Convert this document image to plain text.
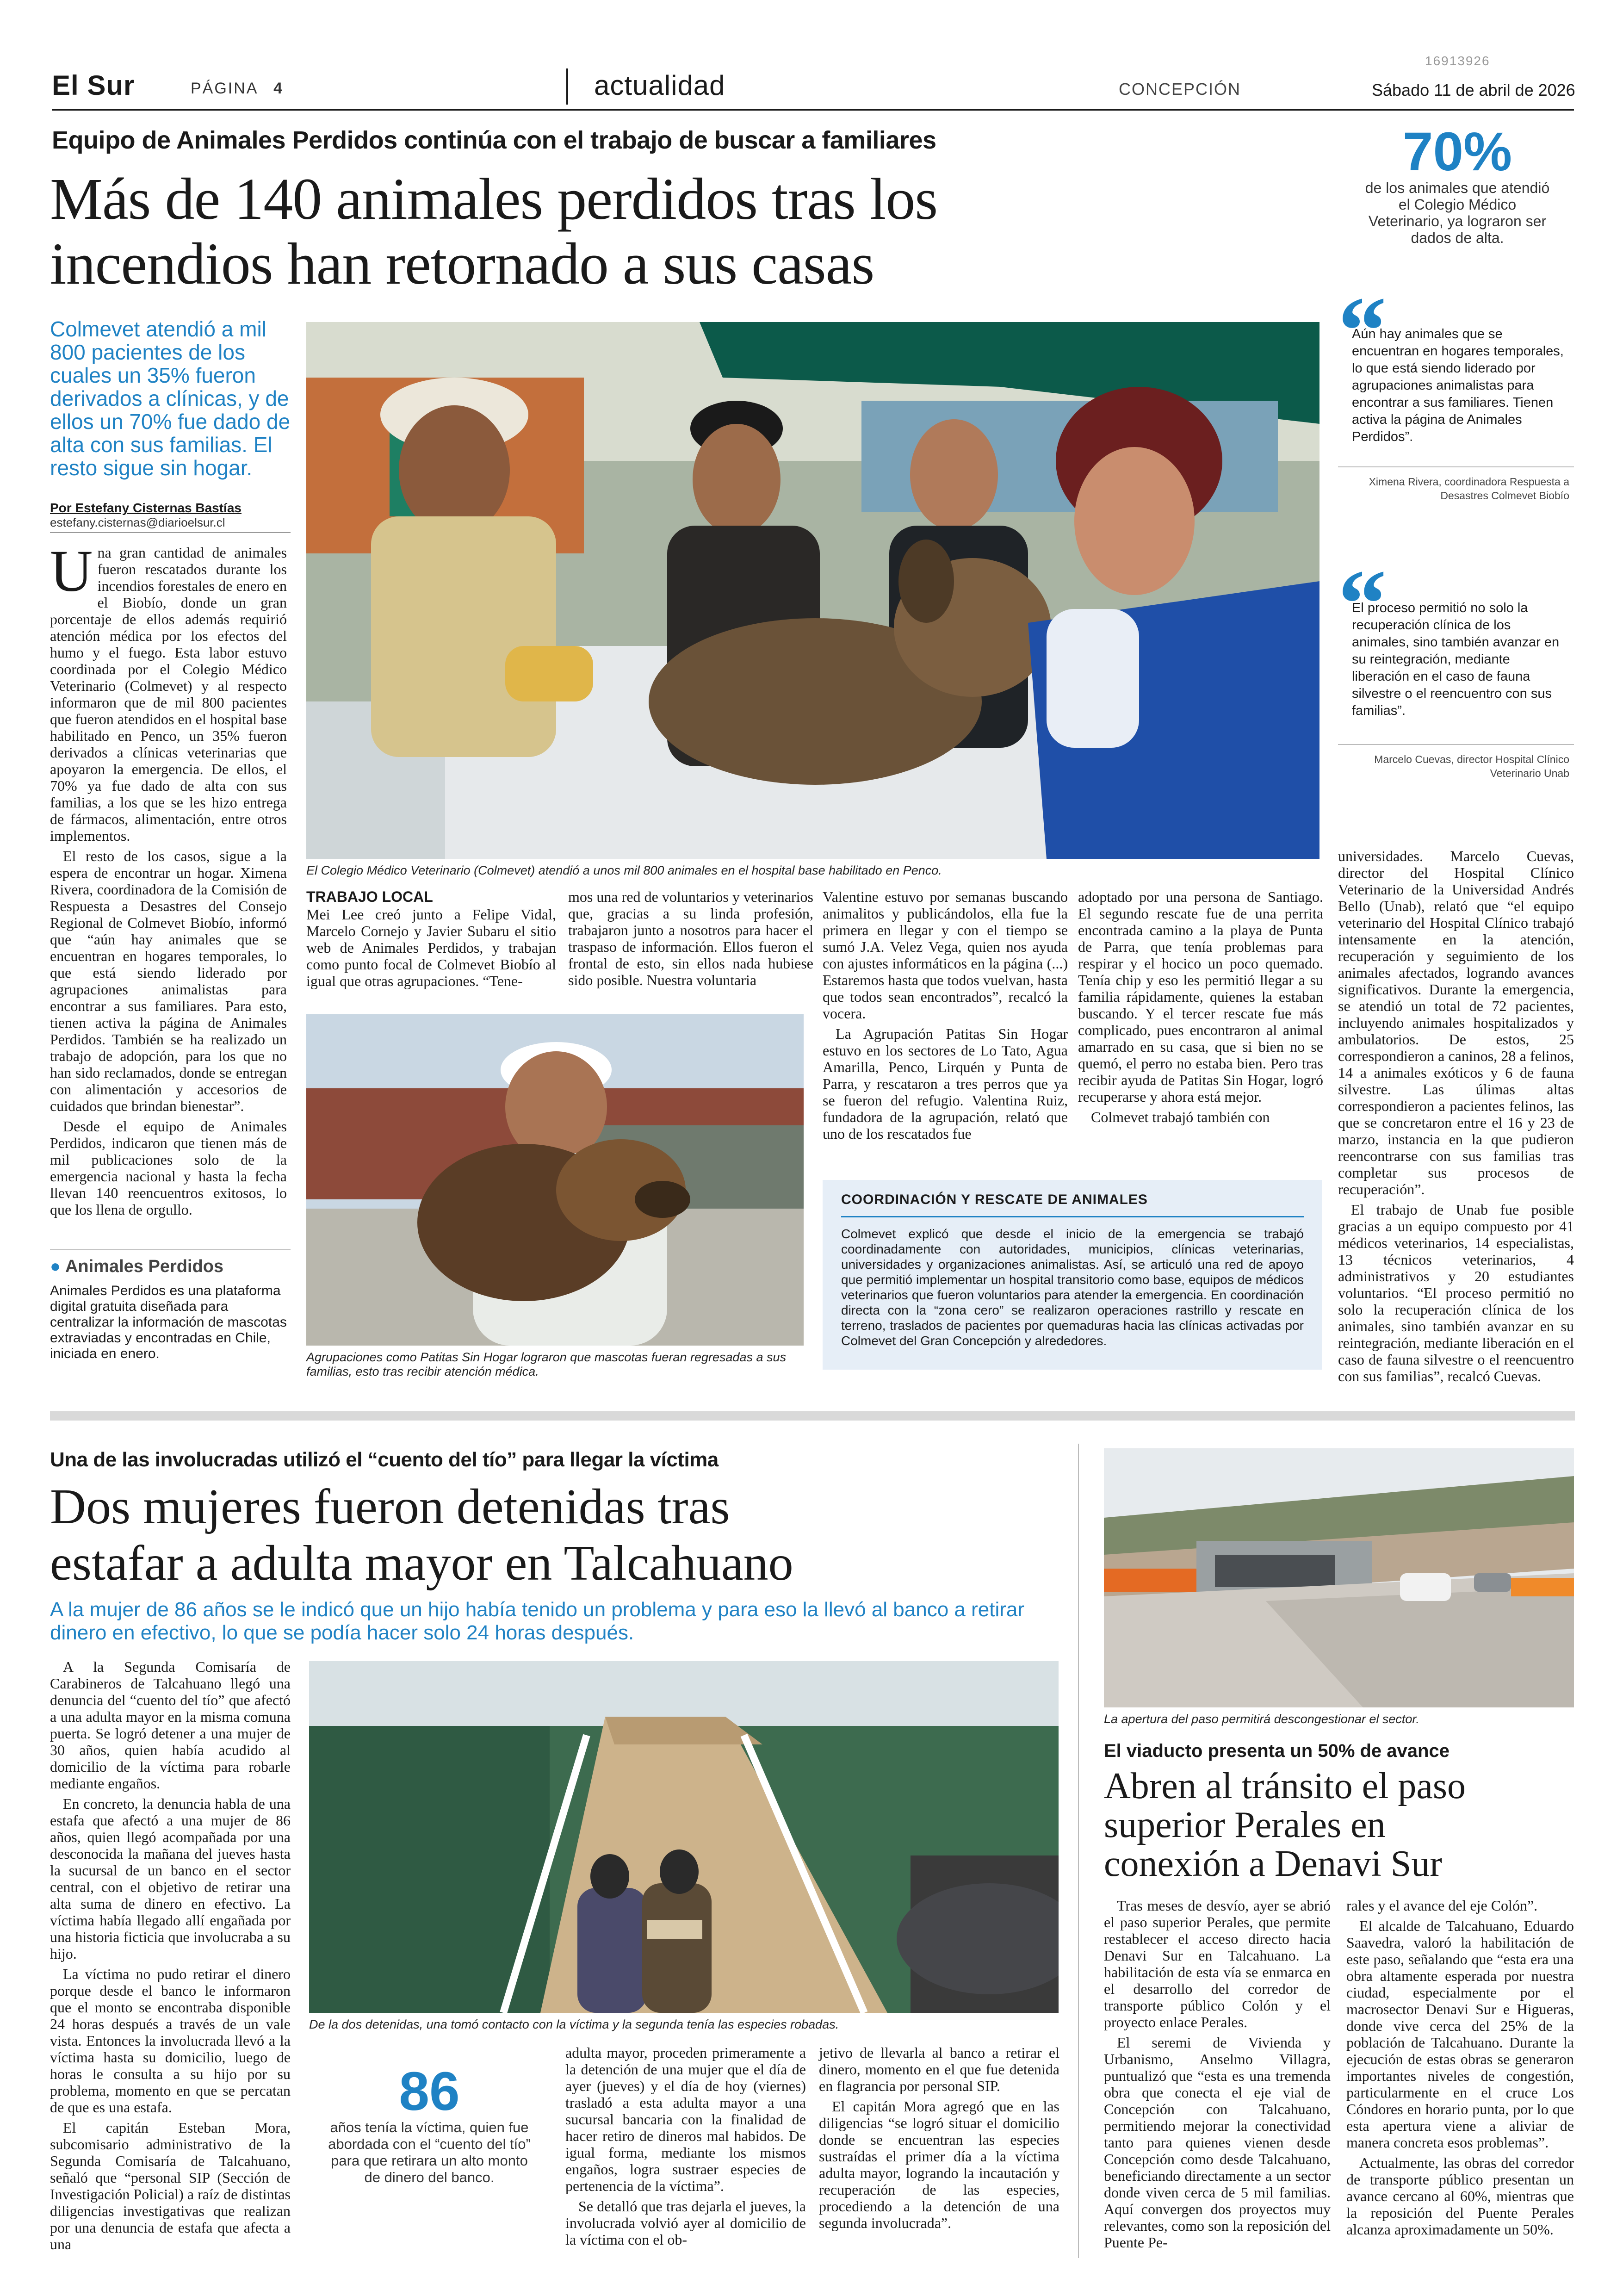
El Sur	PÁGINA 4	actualidad	CONCEPCIÓN
16913926
Sábado 11 de abril de 2026
Equipo de Animales Perdidos continúa con el trabajo de buscar a familiares
Más de 140 animales perdidos tras los
incendios han retornado a sus casas
70%
de los animales que atendió el Colegio Médico Veterinario, ya lograron ser dados de alta.
Colmevet atendió a mil 800 pacientes de los cuales un 35% fueron derivados a clínicas, y de ellos un 70% fue dado de alta con sus familias. El resto sigue sin hogar.
Por Estefany Cisternas Bastías
estefany.cisternas@diarioelsur.cl

Una gran cantidad de animales fueron rescatados durante los incendios forestales de enero en el Biobío, donde un gran porcentaje de ellos además requirió atención médica por los efectos del humo y el fuego. Esta labor estuvo coordinada por el Colegio Médico Veterinario (Colmevet) y al respecto informaron que de mil 800 pacientes que fueron atendidos en el hospital base habilitado en Penco, un 35% fueron derivados a clínicas veterinarias que apoyaron la emergencia. De ellos, el 70% ya fue dado de alta con sus familias, a los que se les hizo entrega de fármacos, alimentación, entre otros implementos.

El resto de los casos, sigue a la espera de encontrar un hogar. Ximena Rivera, coordinadora de la Comisión de Respuesta a Desastres del Consejo Regional de Colmevet Biobío, informó que “aún hay animales que se encuentran en hogares temporales, lo que está siendo liderado por agrupaciones animalistas para encontrar a sus familiares. Para esto, tienen activa la página de Animales Perdidos. También se ha realizado un trabajo de adopción, para los que no han sido reclamados, donde se entregan con alimentación y accesorios de cuidados que brindan bienestar”.

Desde el equipo de Animales Perdidos, indicaron que tienen más de mil publicaciones solo de la emergencia nacional y hasta la fecha llevan 140 reencuentros exitosos, lo que los llena de orgullo.

● Animales Perdidos
Animales Perdidos es una plataforma digital gratuita diseñada para centralizar la información de mascotas extraviadas y encontradas en Chile, iniciada en enero.
El Colegio Médico Veterinario (Colmevet) atendió a unos mil 800 animales en el hospital base habilitado en Penco.
“
Aún hay animales que se encuentran en hogares temporales, lo que está siendo liderado por agrupaciones animalistas para encontrar a sus familiares. Tienen activa la página de Animales Perdidos”.
Ximena Rivera, coordinadora Respuesta a Desastres Colmevet Biobío
“
El proceso permitió no solo la recuperación clínica de los animales, sino también avanzar en su reintegración, mediante liberación en el caso de fauna silvestre o el reencuentro con sus familias”.
Marcelo Cuevas, director Hospital Clínico Veterinario Unab
TRABAJO LOCAL

Mei Lee creó junto a Felipe Vidal, Marcelo Cornejo y Javier Subaru el sitio web de Animales Perdidos, y trabajan como punto focal de Colmevet Biobío al igual que otras agrupaciones. “Tene-

mos una red de voluntarios y veterinarios que, gracias a su linda profesión, trabajaron junto a nosotros para hacer el traspaso de información. Ellos fueron el frontal de esto, sin ellos nada hubiese sido posible. Nuestra voluntaria

Valentine estuvo por semanas buscando animalitos y publicándolos, ella fue la primera en llegar y con el tiempo se sumó J.A. Velez Vega, quien nos ayuda con ajustes informáticos en la página (...) Estaremos hasta que todos vuelvan, hasta que todos sean encontrados”, recalcó la vocera.

La Agrupación Patitas Sin Hogar estuvo en los sectores de Lo Tato, Agua Amarilla, Penco, Lirquén y Punta de Parra, y rescataron a tres perros que ya se fueron del refugio. Valentina Ruiz, fundadora de la agrupación, relató que uno de los rescatados fue

adoptado por una persona de Santiago. El segundo rescate fue de una perrita encontrada camino a la playa de Punta de Parra, que tenía problemas para respirar y el hocico un poco quemado. Tenía chip y eso les permitió llegar a su familia rápidamente, quienes la estaban buscando. Y el tercer rescate fue más complicado, pues encontraron al animal amarrado en su casa, que si bien no se quemó, el perro no estaba bien. Pero tras recibir ayuda de Patitas Sin Hogar, logró recuperarse y ahora está mejor.

Colmevet trabajó también con

Agrupaciones como Patitas Sin Hogar lograron que mascotas fueran regresadas a sus familias, esto tras recibir atención médica.
COORDINACIÓN Y RESCATE DE ANIMALES
Colmevet explicó que desde el inicio de la emergencia se trabajó coordinadamente con autoridades, municipios, clínicas veterinarias, universidades y organizaciones animalistas. Así, se articuló una red de apoyo que permitió implementar un hospital transitorio como base, equipos de médicos veterinarios que fueron voluntarios para atender la emergencia. En coordinación directa con la “zona cero” se realizaron operaciones rastrillo y rescate en terreno, traslados de pacientes por quemaduras hacia las clínicas activadas por Colmevet del Gran Concepción y alrededores.

universidades. Marcelo Cuevas, director del Hospital Clínico Veterinario de la Universidad Andrés Bello (Unab), relató que “el equipo veterinario del Hospital Clínico trabajó intensamente en la atención, recuperación y seguimiento de los animales afectados, logrando avances significativos. Durante la emergencia, se atendió un total de 72 pacientes, incluyendo animales hospitalizados y ambulatorios. De estos, 25 correspondieron a caninos, 28 a felinos, 14 a animales exóticos y 6 de fauna silvestre. Las úlimas altas correspondieron a pacientes felinos, las que se concretaron entre el 16 y 23 de marzo, instancia en la que pudieron reencontrarse con sus familias tras completar sus procesos de recuperación”.

El trabajo de Unab fue posible gracias a un equipo compuesto por 41 médicos veterinarios, 14 especialistas, 13 técnicos veterinarios, 4 administrativos y 20 estudiantes voluntarios. “El proceso permitió no solo la recuperación clínica de los animales, sino también avanzar en su reintegración, mediante liberación en el caso de fauna silvestre o el reencuentro con sus familias”, recalcó Cuevas.

Una de las involucradas utilizó el “cuento del tío” para llegar la víctima
Dos mujeres fueron detenidas tras
estafar a adulta mayor en Talcahuano
A la mujer de 86 años se le indicó que un hijo había tenido un problema y para eso la llevó al banco a retirar dinero en efectivo, lo que se podía hacer solo 24 horas después.

A la Segunda Comisaría de Carabineros de Talcahuano llegó una denuncia del “cuento del tío” que afectó a una adulta mayor en la misma comuna puerta. Se logró detener a una mujer de 30 años, quien había acudido al domicilio de la víctima para robarle mediante engaños.

En concreto, la denuncia habla de una estafa que afectó a una mujer de 86 años, quien llegó acompañada por una desconocida la mañana del jueves hasta la sucursal de un banco en el sector central, con el objetivo de retirar una alta suma de dinero en efectivo. La víctima había llegado allí engañada por una historia ficticia que involucraba a su hijo.

La víctima no pudo retirar el dinero porque desde el banco le informaron que el monto se encontraba disponible 24 horas después a través de un vale vista. Entonces la involucrada llevó a la víctima hasta su domicilio, luego de horas le consulta a su hijo por su problema, momento en que se percatan de que es una estafa.

El capitán Esteban Mora, subcomisario administrativo de la Segunda Comisaría de Talcahuano, señaló que “personal SIP (Sección de Investigación Policial) a raíz de distintas diligencias investigativas que realizan por una denuncia de estafa que afecta a una

De la dos detenidas, una tomó contacto con la víctima y la segunda tenía las especies robadas.
86
años tenía la víctima, quien fue abordada con el “cuento del tío” para que retirara un alto monto de dinero del banco.

adulta mayor, proceden primeramente a la detención de una mujer que el día de ayer (jueves) y el día de hoy (viernes) trasladó a esta adulta mayor a una sucursal bancaria con la finalidad de hacer retiro de dineros mal habidos. De igual forma, mediante los mismos engaños, logra sustraer especies de pertenencia de la víctima”.

Se detalló que tras dejarla el jueves, la involucrada volvió ayer al domicilio de la víctima con el ob-

jetivo de llevarla al banco a retirar el dinero, momento en el que fue detenida en flagrancia por personal SIP.

El capitán Mora agregó que en las diligencias “se logró situar el domicilio donde se encuentran las especies sustraídas el primer día a la víctima adulta mayor, logrando la incautación y recuperación de las especies, procediendo a la detención de una segunda involucrada”.

La apertura del paso permitirá descongestionar el sector.
El viaducto presenta un 50% de avance
Abren al tránsito el paso
superior Perales en
conexión a Denavi Sur

Tras meses de desvío, ayer se abrió el paso superior Perales, que permite restablecer el acceso directo hacia Denavi Sur en Talcahuano. La habilitación de esta vía se enmarca en el desarrollo del corredor de transporte público Colón y el proyecto enlace Perales.

El seremi de Vivienda y Urbanismo, Anselmo Villagra, puntualizó que “esta es una tremenda obra que conecta el eje vial de Concepción con Talcahuano, permitiendo mejorar la conectividad tanto para quienes vienen desde Concepción como desde Talcahuano, beneficiando directamente a un sector donde viven cerca de 5 mil familias. Aquí convergen dos proyectos muy relevantes, como son la reposición del Puente Pe-

rales y el avance del eje Colón”.

El alcalde de Talcahuano, Eduardo Saavedra, valoró la habilitación de este paso, señalando que “esta era una obra altamente esperada por nuestra ciudad, especialmente por el macrosector Denavi Sur e Higueras, donde vive cerca del 25% de la población de Talcahuano. Durante la ejecución de estas obras se generaron importantes niveles de congestión, particularmente en el cruce Los Cóndores en horario punta, por lo que esta apertura viene a aliviar de manera concreta esos problemas”.

Actualmente, las obras del corredor de transporte público presentan un avance cercano al 60%, mientras que la reposición del Puente Perales alcanza aproximadamente un 50%.
